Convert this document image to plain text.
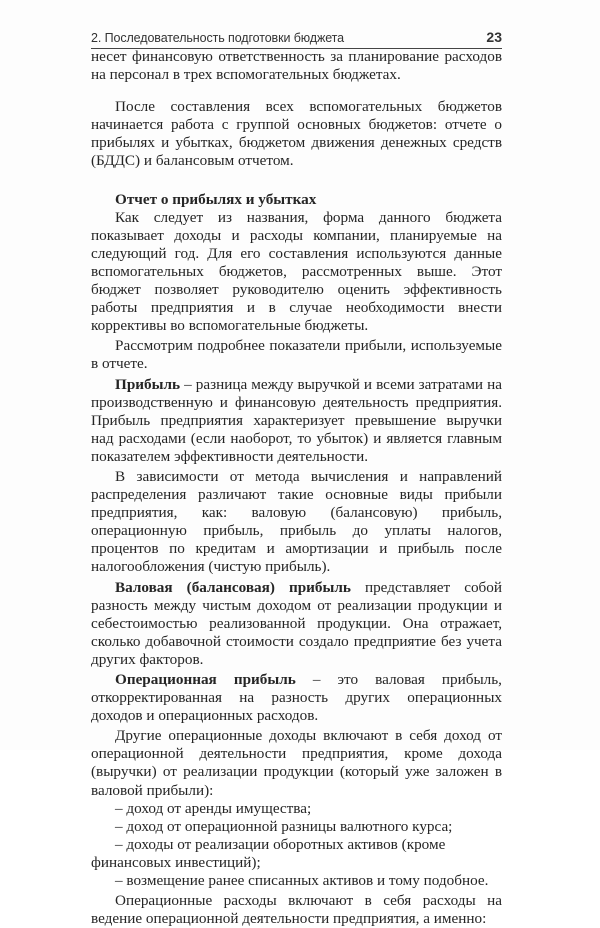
2. Последовательность подготовки бюджета	23

несет финансовую ответственность за планирование расходов на персонал в трех вспомогательных бюджетах.

После составления всех вспомогательных бюджетов начинается работа с группой основных бюджетов: отчете о прибылях и убытках, бюджетом движения денежных средств (БДДС) и балансовым отчетом.

Отчет о прибылях и убытках

Как следует из названия, форма данного бюджета показывает доходы и расходы компании, планируемые на следующий год. Для его составления используются данные вспомогательных бюджетов, рассмотренных выше. Этот бюджет позволяет руководителю оценить эффективность работы предприятия и в случае необходимости внести коррективы во вспомогательные бюджеты.

Рассмотрим подробнее показатели прибыли, используемые в отчете.

Прибыль – разница между выручкой и всеми затратами на производственную и финансовую деятельность предприятия. Прибыль предприятия характеризует превышение выручки над расходами (если наоборот, то убыток) и является главным показателем эффективности деятельности.

В зависимости от метода вычисления и направлений распределения различают такие основные виды прибыли предприятия, как: валовую (балансовую) прибыль, операционную прибыль, прибыль до уплаты налогов, процентов по кредитам и амортизации и прибыль после налогообложения (чистую прибыль).

Валовая (балансовая) прибыль представляет собой разность между чистым доходом от реализации продукции и себестоимостью реализованной продукции. Она отражает, сколько добавочной стоимости создало предприятие без учета других факторов.

Операционная прибыль – это валовая прибыль, откорректированная на разность других операционных доходов и операционных расходов.

Другие операционные доходы включают в себя доход от операционной деятельности предприятия, кроме дохода (выручки) от реализации продукции (который уже заложен в валовой прибыли):

– доход от аренды имущества;

– доход от операционной разницы валютного курса;

– доходы от реализации оборотных активов (кроме финансовых инвестиций);

– возмещение ранее списанных активов и тому подобное.

Операционные расходы включают в себя расходы на ведение операционной деятельности предприятия, а именно:
